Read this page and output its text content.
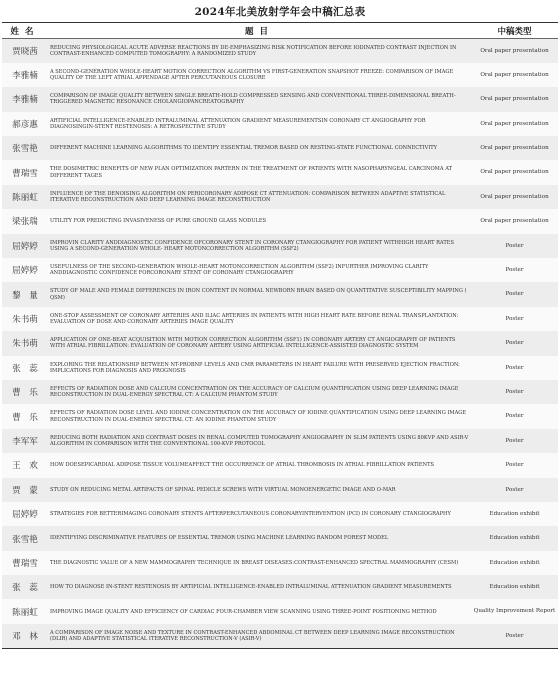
2024年北美放射学年会中稿汇总表
姓名	题目	中稿类型
贾晓茜	REDUCING PHYSIOLOGICAL ACUTE ADVERSE REACTIONS BY DE-EMPHASIZING RISK NOTIFICATION BEFORE IODINATED CONTRAST INJECTION IN CONTRAST-ENHANCED COMPUTED TOMOGRAPHY: A RANDOMIZED STUDY	Oral paper presentation
李雅楠	A SECOND-GENERATION WHOLE-HEART MOTION CORRECTION ALGORITHM VS FIRST-GENERATION SNAPSHOT FREEZE: COMPARISON OF IMAGE QUALITY OF THE LEFT ATRIAL APPENDAGE AFTER PERCUTANEOUS CLOSURE	Oral paper presentation
李雅楠	COMPARISON OF IMAGE QUALITY BETWEEN SINGLE BREATH-HOLD COMPRESSED SENSING AND CONVENTIONAL THREE-DIMENSIONAL BREATH-TRIGGERED MAGNETIC RESONANCE CHOLANGIOPANCREATOGRAPHY	Oral paper presentation
郝彦惠	ARTIFICIAL INTELLIGENCE-ENABLED INTRALUMINAL ATTENUATION GRADIENT MEASUREMENTSIN CORONARY CT ANGIOGRAPHY FOR DIAGNOSINGIN-STENT RESTENOSIS: A RETROSPECTIVE STUDY	Oral paper presentation
张雪艳	DIFFERENT MACHINE LEARNING ALGORITHMS TO IDENTIFY ESSENTIAL TREMOR BASED ON RESTING-STATE FUNCTIONAL CONNECTIVITY	Oral paper presentation
曹瑞雪	THE DOSIMETRIC BENEFITS OF NEW PLAN OPTIMIZATION PARTERN IN THE TREATMENT OF PATIENTS WITH NASOPHARYNGEAL CARCINOMA AT DIFFERENT TAGES	Oral paper presentation
陈丽虹	INFLUENCE OF THE DENOISING ALGORITHM ON PERICORONARY ADIPOSE CT ATTENUATION: COMPARISON BETWEEN ADAPTIVE STATISTICAL ITERATIVE RECONSTRUCTION AND DEEP LEARNING IMAGE RECONSTRUCTION	Oral paper presentation
梁张瑞	UTILITY FOR PREDICTING INVASIVENESS OF PURE GROUND GLASS NODULES	Oral paper presentation
屈婷婷	IMPROVIN CLARITY ANDDIAGNOSTIC CONFIDENCE OFCORONARY STENT IN CORONARY CTANGIOGRAPHY FOR PATIENT WITHHIGH HEART RATES USING A SECOND-GENERATION WHOLE- HEART MOTONCORRECTION ALGORITHM (SSF2)	Poster
屈婷婷	USEFULNESS OF THE SECOND-GENERATION WHOLE-HEART MOTONCORRECTION ALGORITHM (SSF2) INFURTHER IMPROVING CLARITY ANDDIAGNOSTIC CONFIDENCE FORCORONARY STENT OF CORONARY CTANGIOGRAPHY	Poster
黎　量	STUDY OF MALE AND FEMALE DIFFERENCES IN IRON CONTENT IN NORMAL NEWBORN BRAIN BASED ON QUANTITATIVE SUSCEPTIBILITY MAPPING ( QSM)	Poster
朱书萌	ONE-STOP ASSESSMENT OF CORONARY ARTERIES AND ILIAC ARTERIES IN PATIENTS WITH HIGH HEART RATE BEFORE RENAL TRANSPLANTATION: EVALUATION OF DOSE AND CORONARY ARTERIES IMAGE QUALITY	Poster
朱书萌	APPLICATION OF ONE-BEAT ACQUISITION WITH MOTION CORRECTION ALGORITHM (SSF1) IN CORONARY ARTERY CT ANGIOGRAPHY OF PATIENTS WITH ATRIAL FIBRILLATION: EVALUATION OF CORONARY ARTERY USING ARTIFICIAL INTELLIGENCE-ASSISTED DIAGNOSTIC SYSTEM	Poster
张　蕊	EXPLORING THE RELATIONSHIP BETWEEN NT-PROBNP LEVELS AND CMR PARAMETERS IN HEART FAILURE WITH PRESERVED EJECTION FRACTION: IMPLICATIONS FOR DIAGNOSIS AND PROGNOSIS	Poster
曹　乐	EFFECTS OF RADIATION DOSE AND CALCIUM CONCENTRATION ON THE ACCURACY OF CALCIUM QUANTIFICATION USING DEEP LEARNING IMAGE RECONSTRUCTION IN DUAL-ENERGY SPECTRAL CT: A CALCIUM PHANTOM STUDY	Poster
曹　乐	EFFECTS OF RADIATION DOSE LEVEL AND IODINE CONCENTRATION ON THE ACCURACY OF IODINE QUANTIFICATION USING DEEP LEARNING IMAGE RECONSTRUCTION IN DUAL-ENERGY SPECTRAL CT: AN IODINE PHANTOM STUDY	Poster
李军军	REDUCING BOTH RADIATION AND CONTRAST DOSES IN RENAL COMPUTED TOMOGRAPHY ANGIOGRAPHY IN SLIM PATIENTS USING 80KVP AND ASIR-V ALGORITHM IN COMPARISON WITH THE CONVENTIONAL 100-KVP PROTOCOL	Poster
王　欢	HOW DOESEPICARDIAL ADIPOSE TISSUE VOLUMEAFFECT THE OCCURRENCE OF ATRIAL THROMBOSIS IN ATRIAL FIBRILLATION PATIENTS	Poster
贾　蒙	STUDY ON REDUCING METAL ARTIFACTS OF SPINAL PEDICLE SCREWS WITH VIRTUAL MONOENERGETIC IMAGE AND O-MAR	Poster
屈婷婷	STRATEGIES FOR BETTERIMAGING CORONARY STENTS AFTERPERCUTANEOUS CORONARYINTERVENTION (PCI) IN CORONARY CTANGIOGRAPHY	Education exhibit
张雪艳	IDENTIFYING DISCRIMINATIVE FEATURES OF ESSENTIAL TREMOR USING MACHINE LEARNING RANDOM FOREST MODEL	Education exhibit
曹瑞雪	THE DIAGNOSTIC VALUE OF A NEW MAMMOGRAPHY TECHNIQUE IN BREAST DISEASES:CONTRAST-ENHANCED SPECTRAL MAMMOGRAPHY (CESM)	Education exhibit
张　蕊	HOW TO DIAGNOSE IN-STENT RESTENOSIS BY ARTIFICIAL INTELLIGENCE-ENABLED INTRALUMINAL ATTENUATION GRADIENT MEASUREMENTS	Education exhibit
陈丽虹	IMPROVING IMAGE QUALITY AND EFFICIENCY OF CARDIAC FOUR-CHAMBER VIEW SCANNING USING THREE-POINT POSITIONING METHOD	Quality Improvement Report
邓　林	A COMPARISON OF IMAGE NOISE AND TEXTURE IN CONTRAST-ENHANCED ABDOMINAL CT BETWEEN DEEP LEARNING IMAGE RECONSTRUCTION (DLIR) AND ADAPTIVE STATISTICAL ITERATIVE RECONSTRUCTION-V (ASIR-V)	Poster
